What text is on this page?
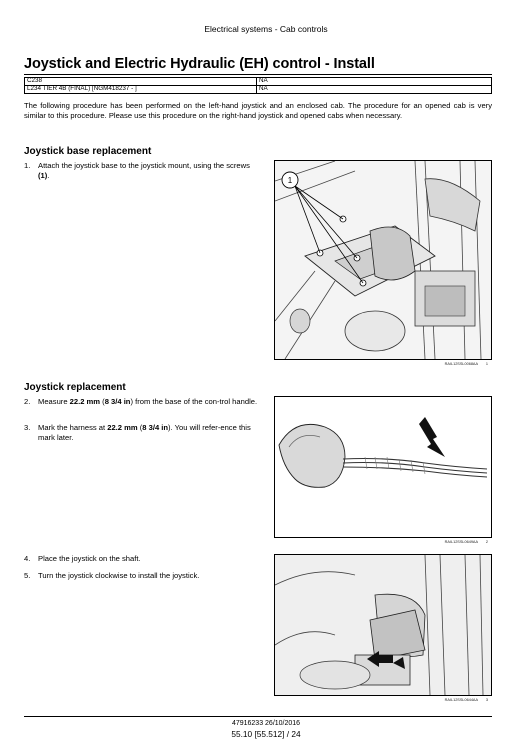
Electrical systems - Cab controls
Joystick and Electric Hydraulic (EH) control - Install
C238	NA
L234 TIER 4B (FINAL) [NGM418237 - ]	NA
The following procedure has been performed on the left-hand joystick and an enclosed cab. The procedure for an opened cab is very similar to this procedure. Please use this procedure on the right-hand joystick and opened cabs when necessary.
Joystick base replacement
1.	Attach the joystick base to the joystick mount, using the screws (1).
1
RAIL12SSL0068AA 1
Joystick replacement
2.	Measure 22.2 mm (8 3/4 in) from the base of the con-trol handle.
3.	Mark the harness at 22.2 mm (8 3/4 in). You will refer-ence this mark later.
RAIL12SSL0649AA 2
4.	Place the joystick on the shaft.
5.	Turn the joystick clockwise to install the joystick.
RAIL12SSL0644AA 3
47916233 26/10/2016
55.10 [55.512] / 24
